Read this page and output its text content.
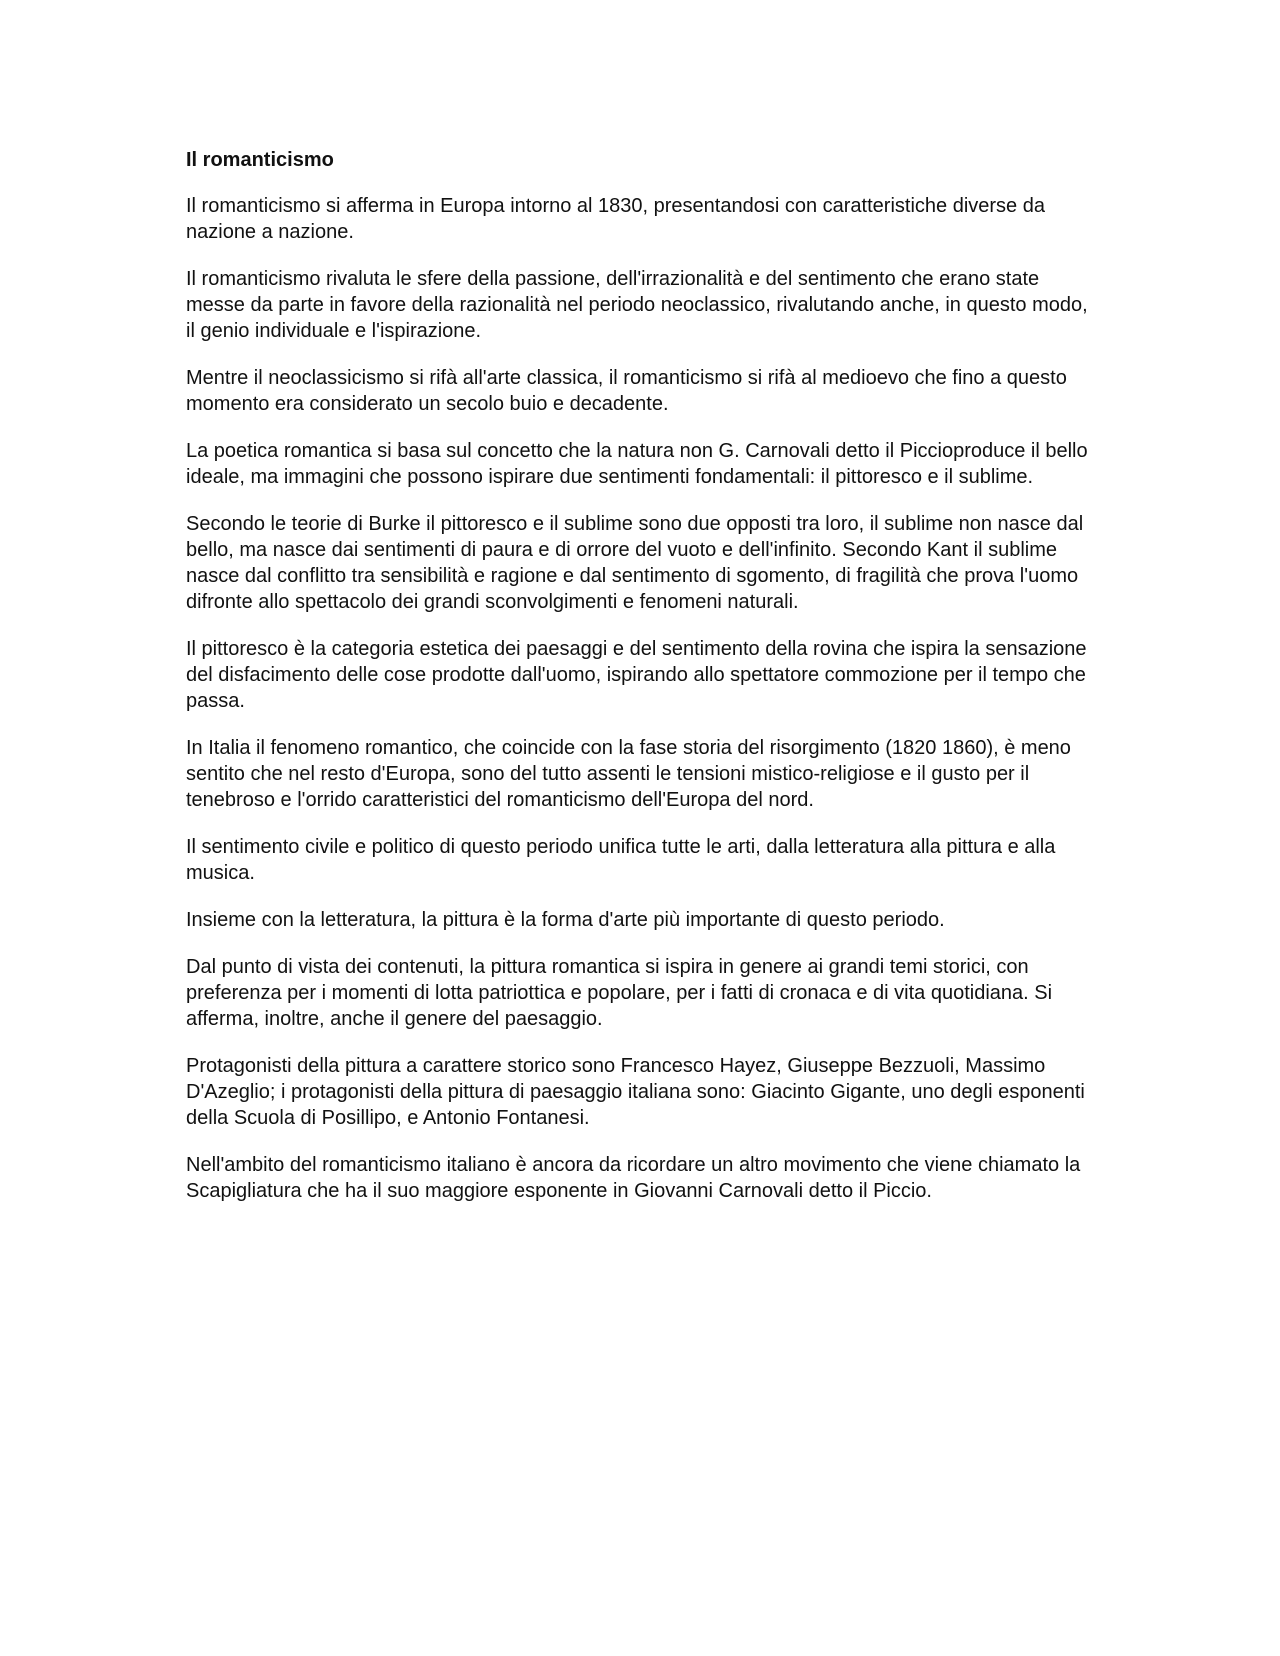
Il romanticismo

Il romanticismo si afferma in Europa intorno al 1830, presentandosi con caratteristiche diverse da nazione a nazione.

Il romanticismo rivaluta le sfere della passione, dell'irrazionalità e del sentimento che erano state messe da parte in favore della razionalità nel periodo neoclassico, rivalutando anche, in questo modo, il genio individuale e l'ispirazione.

Mentre il neoclassicismo si rifà all'arte classica, il romanticismo si rifà al medioevo che fino a questo momento era considerato un secolo buio e decadente.

La poetica romantica si basa sul concetto che la natura non G. Carnovali detto il Piccioproduce il bello ideale, ma immagini che possono ispirare due sentimenti fondamentali: il pittoresco e il sublime.

Secondo le teorie di Burke il pittoresco e il sublime sono due opposti tra loro, il sublime non nasce dal bello, ma nasce dai sentimenti di paura e di orrore del vuoto e dell'infinito. Secondo Kant il sublime nasce dal conflitto tra sensibilità e ragione e dal sentimento di sgomento, di fragilità che prova l'uomo difronte allo spettacolo dei grandi sconvolgimenti e fenomeni naturali.

Il pittoresco è la categoria estetica dei paesaggi e del sentimento della rovina che ispira la sensazione del disfacimento delle cose prodotte dall'uomo, ispirando allo spettatore commozione per il tempo che passa.

In Italia il fenomeno romantico, che coincide con la fase storia del risorgimento (1820 1860), è meno sentito che nel resto d'Europa, sono del tutto assenti le tensioni mistico-religiose e il gusto per il tenebroso e l'orrido caratteristici del romanticismo dell'Europa del nord.

Il sentimento civile e politico di questo periodo unifica tutte le arti, dalla letteratura alla pittura e alla musica.

Insieme con la letteratura, la pittura è la forma d'arte più importante di questo periodo.

Dal punto di vista dei contenuti, la pittura romantica si ispira in genere ai grandi temi storici, con preferenza per i momenti di lotta patriottica e popolare, per i fatti di cronaca e di vita quotidiana. Si afferma, inoltre, anche il genere del paesaggio.

Protagonisti della pittura a carattere storico sono Francesco Hayez, Giuseppe Bezzuoli, Massimo D'Azeglio; i protagonisti della pittura di paesaggio italiana sono: Giacinto Gigante, uno degli esponenti della Scuola di Posillipo, e Antonio Fontanesi.

Nell'ambito del romanticismo italiano è ancora da ricordare un altro movimento che viene chiamato la Scapigliatura che ha il suo maggiore esponente in Giovanni Carnovali detto il Piccio.
